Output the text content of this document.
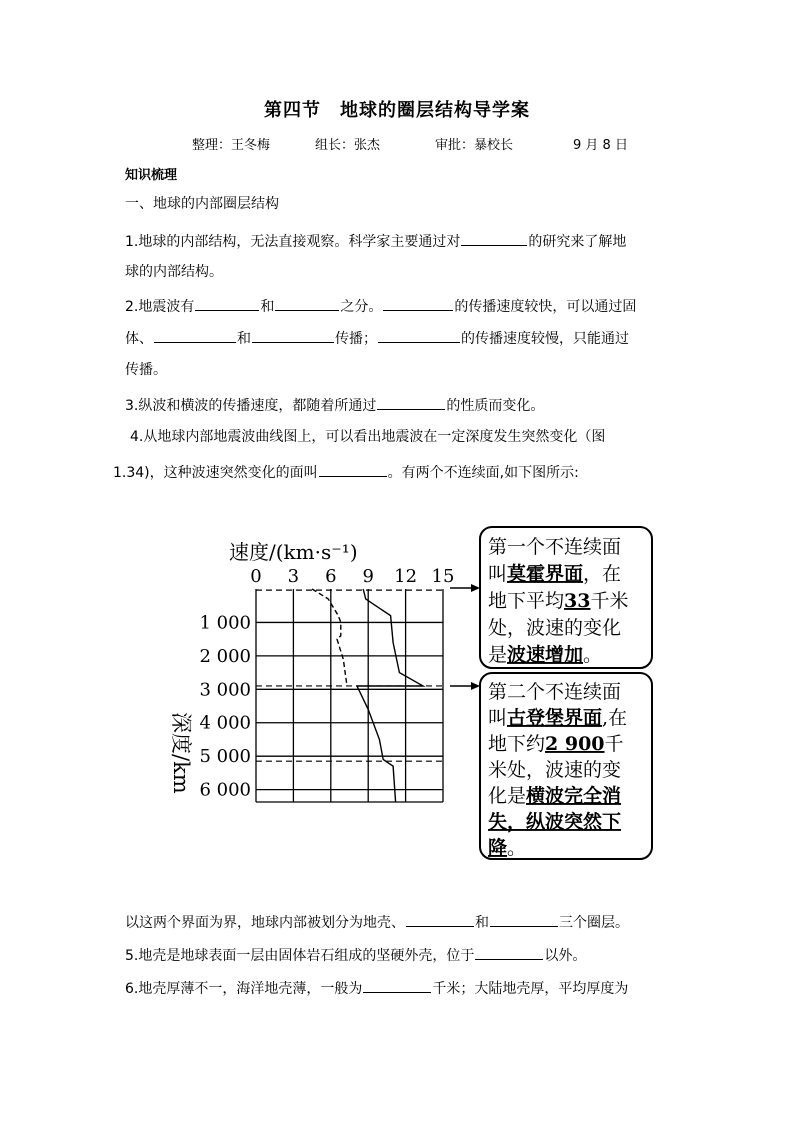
第四节　地球的圈层结构导学案
整理：王冬梅	组长：张杰	审批：暴校长	9 月 8 日
知识梳理
一、地球的内部圈层结构
1.地球的内部结构，无法直接观察。科学家主要通过对	的研究来了解地
球的内部结构。
2.地震波有	和	之分。	的传播速度较快，可以通过固
体、	和	传播；	的传播速度较慢，只能通过
传播。
3.纵波和横波的传播速度，都随着所通过	的性质而变化。
4.从地球内部地震波曲线图上，可以看出地震波在一定深度发生突然变化（图
1.34)，这种波速突然变化的面叫	。有两个不连续面,如下图所示:
速度/(km·s⁻¹)
0 3 6 9 12 15
1 000
2 000
3 000
4 000
5 000
6 000
深度/km
第一个不连续面
叫莫霍界面，在
地下平均33千米
处，波速的变化
是波速增加。
第二个不连续面
叫古登堡界面,在
地下约2 900千
米处，波速的变
化是横波完全消
失，纵波突然下
降。
以这两个界面为界，地球内部被划分为地壳、	和	三个圈层。
5.地壳是地球表面一层由固体岩石组成的坚硬外壳，位于	以外。
6.地壳厚薄不一，海洋地壳薄，一般为	千米；大陆地壳厚，平均厚度为
